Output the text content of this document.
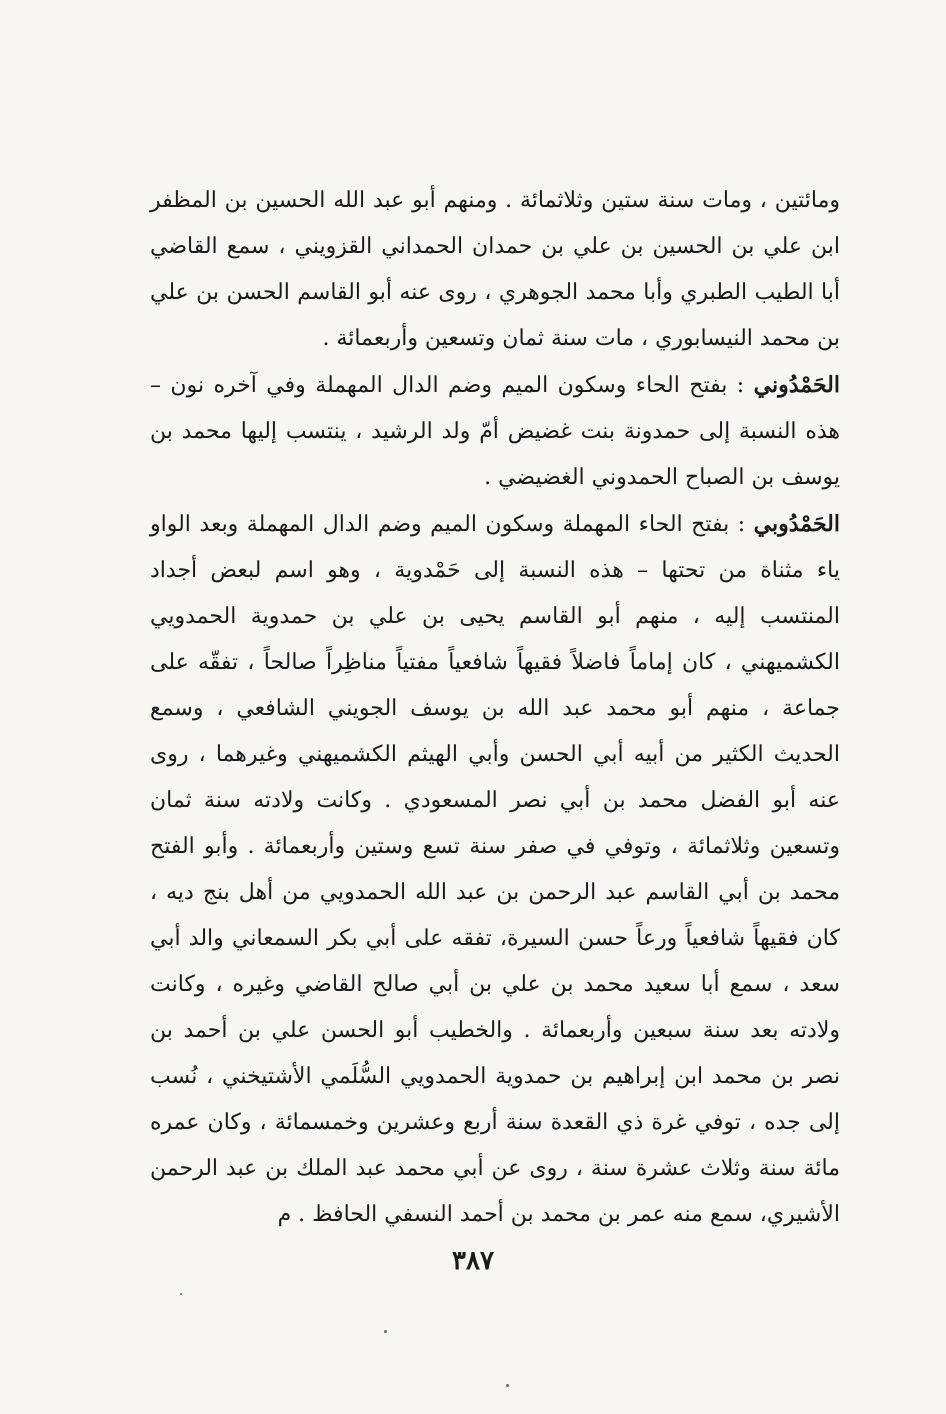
ومائتين ، ومات سنة ستين وثلاثمائة . ومنهم أبو عبد الله الحسين بن المظفر ابن علي بن الحسين بن علي بن حمدان الحمداني القزويني ، سمع القاضي أبا الطيب الطبري وأبا محمد الجوهري ، روى عنه أبو القاسم الحسن بن علي بن محمد النيسابوري ، مات سنة ثمان وتسعين وأربعمائة .

الحَمْدُوني : بفتح الحاء وسكون الميم وضم الدال المهملة وفي آخره نون – هذه النسبة إلى حمدونة بنت غضيض أمّ ولد الرشيد ، ينتسب إليها محمد بن يوسف بن الصباح الحمدوني الغضيضي .

الحَمْدُوبي : بفتح الحاء المهملة وسكون الميم وضم الدال المهملة وبعد الواو ياء مثناة من تحتها – هذه النسبة إلى حَمْدوية ، وهو اسم لبعض أجداد المنتسب إليه ، منهم أبو القاسم يحيى بن علي بن حمدوية الحمدويي الكشميهني ، كان إماماً فاضلاً فقيهاً شافعياً مفتياً مناظِراً صالحاً ، تفقّه على جماعة ، منهم أبو محمد عبد الله بن يوسف الجويني الشافعي ، وسمع الحديث الكثير من أبيه أبي الحسن وأبي الهيثم الكشميهني وغيرهما ، روى عنه أبو الفضل محمد بن أبي نصر المسعودي . وكانت ولادته سنة ثمان وتسعين وثلاثمائة ، وتوفي في صفر سنة تسع وستين وأربعمائة . وأبو الفتح محمد بن أبي القاسم عبد الرحمن بن عبد الله الحمدويي من أهل بنج ديه ، كان فقيهاً شافعياً ورعاً حسن السيرة، تفقه على أبي بكر السمعاني والد أبي سعد ، سمع أبا سعيد محمد بن علي بن أبي صالح القاضي وغيره ، وكانت ولادته بعد سنة سبعين وأربعمائة . والخطيب أبو الحسن علي بن أحمد بن نصر بن محمد ابن إبراهيم بن حمدوية الحمدويي السُّلَمي الأشتيخني ، نُسب إلى جده ، توفي غرة ذي القعدة سنة أربع وعشرين وخمسمائة ، وكان عمره مائة سنة وثلاث عشرة سنة ، روى عن أبي محمد عبد الملك بن عبد الرحمن الأشيري، سمع منه عمر بن محمد بن أحمد النسفي الحافظ . م

٣٨٧
